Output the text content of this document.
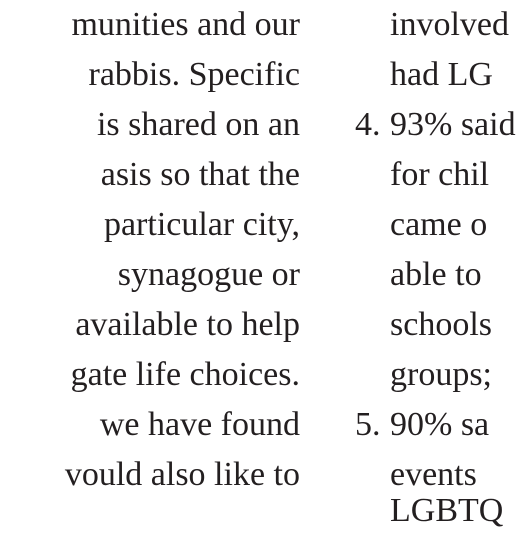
munities and our
rabbis. Specific
is shared on an
asis so that the
particular city,
synagogue or
available to help
gate life choices.
we have found
vould also like to
involved
had LG
4. 93% said
for chil
came o
able to
schools
groups;
5. 90% sa
events
LGBTQ
